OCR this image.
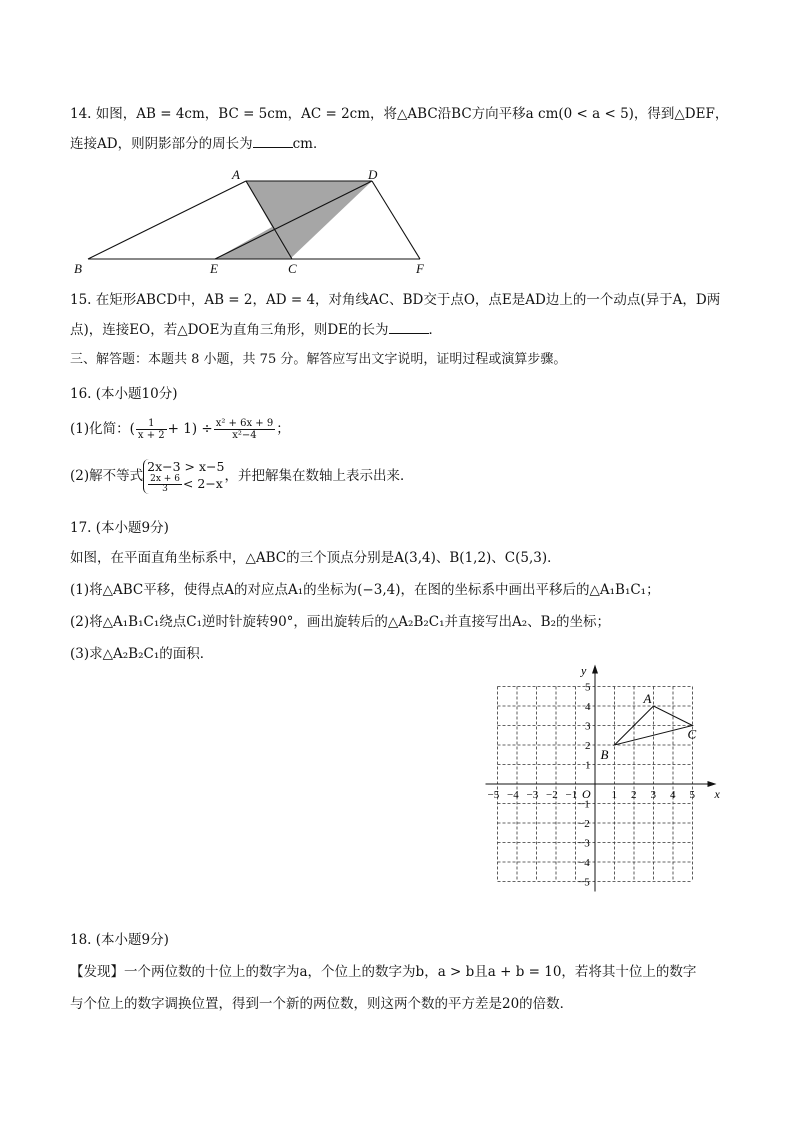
14. 如图，AB = 4cm，BC = 5cm，AC = 2cm，将△ABC沿BC方向平移a cm(0 < a < 5)，得到△DEF，
连接AD，则阴影部分的周长为	cm．
A	D
B	E	C	F
15. 在矩形ABCD中，AB = 2，AD = 4，对角线AC、BD交于点O，点E是AD边上的一个动点(异于A，D两
点)，连接EO，若△DOE为直角三角形，则DE的长为	．
三、解答题：本题共 8 小题，共 75 分。解答应写出文字说明，证明过程或演算步骤。
16. (本小题10分)
(1)化简：( $\frac{1}{x + 2} + 1) \div \frac{\text{x² + 6x + 9}}{\text{x²−4}}$ ；
(2)解不等式
2x−3 > x−5
$\frac{2x + 6}{3} < 2-x$ ，并把解集在数轴上表示出来．
17. (本小题9分)
如图，在平面直角坐标系中，△ABC的三个顶点分别是A(3,4)、B(1,2)、C(5,3)．
(1)将△ABC平移，使得点A的对应点A₁的坐标为(−3,4)，在图的坐标系中画出平移后的△A₁B₁C₁；
(2)将△A₁B₁C₁绕点C₁逆时针旋转90°，画出旋转后的△A₂B₂C₁并直接写出A₂、B₂的坐标；
(3)求△A₂B₂C₁的面积．
x
y
O
−5
−5
−4
−4
−3
−3
−2
−2
−1
−1
1
1
2
2
3
3
4
4
5
5
A
B
C
18. (本小题9分)
【发现】一个两位数的十位上的数字为a，个位上的数字为b，a > b且a + b = 10，若将其十位上的数字
与个位上的数字调换位置，得到一个新的两位数，则这两个数的平方差是20的倍数．
